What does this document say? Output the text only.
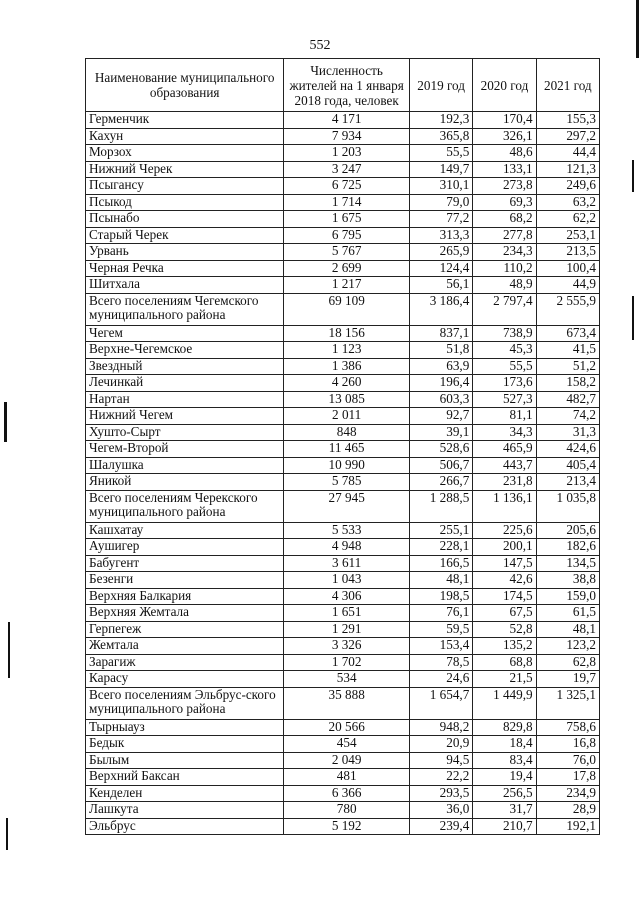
552
Наименование муниципального образования	Численность жителей на 1 января 2018 года, человек	2019 год	2020 год	2021 год
Герменчик	4 171	192,3	170,4	155,3
Кахун	7 934	365,8	326,1	297,2
Морзох	1 203	55,5	48,6	44,4
Нижний Черек	3 247	149,7	133,1	121,3
Псыгансу	6 725	310,1	273,8	249,6
Псыкод	1 714	79,0	69,3	63,2
Псынабо	1 675	77,2	68,2	62,2
Старый Черек	6 795	313,3	277,8	253,1
Урвань	5 767	265,9	234,3	213,5
Черная Речка	2 699	124,4	110,2	100,4
Шитхала	1 217	56,1	48,9	44,9
Всего поселениям Чегемского муниципального района	69 109	3 186,4	2 797,4	2 555,9
Чегем	18 156	837,1	738,9	673,4
Верхне-Чегемское	1 123	51,8	45,3	41,5
Звездный	1 386	63,9	55,5	51,2
Лечинкай	4 260	196,4	173,6	158,2
Нартан	13 085	603,3	527,3	482,7
Нижний Чегем	2 011	92,7	81,1	74,2
Хушто-Сырт	848	39,1	34,3	31,3
Чегем-Второй	11 465	528,6	465,9	424,6
Шалушка	10 990	506,7	443,7	405,4
Яникой	5 785	266,7	231,8	213,4
Всего поселениям Черекского муниципального района	27 945	1 288,5	1 136,1	1 035,8
Кашхатау	5 533	255,1	225,6	205,6
Аушигер	4 948	228,1	200,1	182,6
Бабугент	3 611	166,5	147,5	134,5
Безенги	1 043	48,1	42,6	38,8
Верхняя Балкария	4 306	198,5	174,5	159,0
Верхняя Жемтала	1 651	76,1	67,5	61,5
Герпегеж	1 291	59,5	52,8	48,1
Жемтала	3 326	153,4	135,2	123,2
Зарагиж	1 702	78,5	68,8	62,8
Карасу	534	24,6	21,5	19,7
Всего поселениям Эльбрус-ского муниципального района	35 888	1 654,7	1 449,9	1 325,1
Тырныауз	20 566	948,2	829,8	758,6
Бедык	454	20,9	18,4	16,8
Былым	2 049	94,5	83,4	76,0
Верхний Баксан	481	22,2	19,4	17,8
Кенделен	6 366	293,5	256,5	234,9
Лашкута	780	36,0	31,7	28,9
Эльбрус	5 192	239,4	210,7	192,1
